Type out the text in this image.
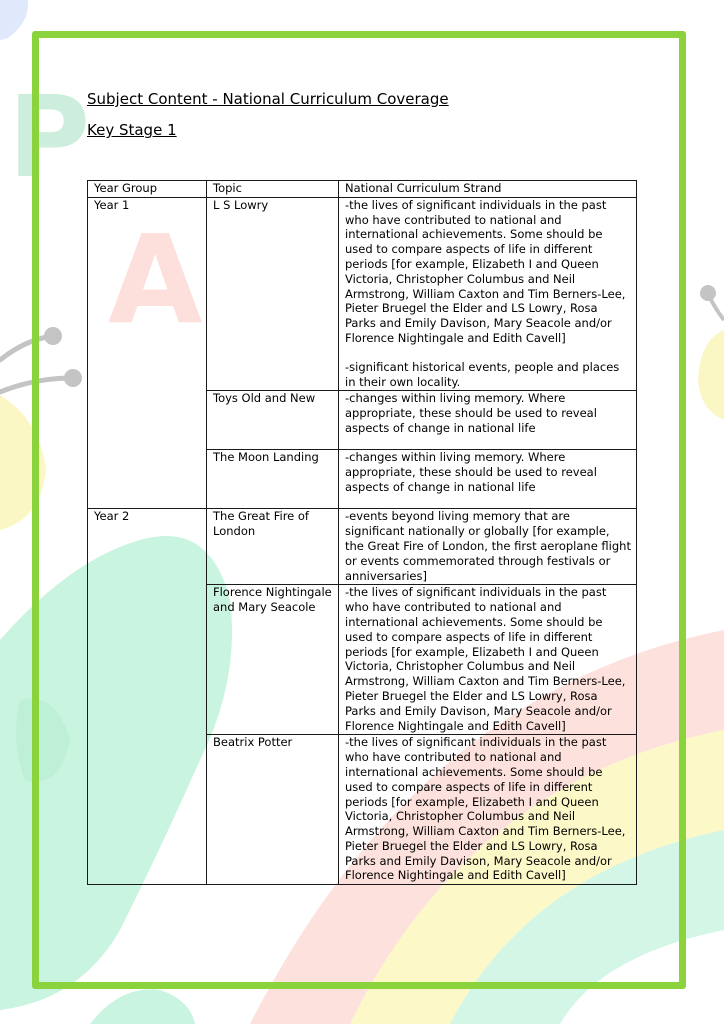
P
A
Subject Content - National Curriculum Coverage
Key Stage 1
Year Group	Topic	National Curriculum Strand
Year 1	L S Lowry	-the lives of significant individuals in the past who have contributed to national and international achievements. Some should be used to compare aspects of life in different periods [for example, Elizabeth I and Queen Victoria, Christopher Columbus and Neil Armstrong, William Caxton and Tim Berners-Lee, Pieter Bruegel the Elder and LS Lowry, Rosa Parks and Emily Davison, Mary Seacole and/or Florence Nightingale and Edith Cavell]

-significant historical events, people and places in their own locality.

	Toys Old and New	-changes within living memory. Where appropriate, these should be used to reveal aspects of change in national life

	The Moon Landing	-changes within living memory. Where appropriate, these should be used to reveal aspects of change in national life

Year 2	The Great Fire of London	-events beyond living memory that are significant nationally or globally [for example, the Great Fire of London, the first aeroplane flight or events commemorated through festivals or anniversaries]

	Florence Nightingale and Mary Seacole	-the lives of significant individuals in the past who have contributed to national and international achievements. Some should be used to compare aspects of life in different periods [for example, Elizabeth I and Queen Victoria, Christopher Columbus and Neil Armstrong, William Caxton and Tim Berners-Lee, Pieter Bruegel the Elder and LS Lowry, Rosa Parks and Emily Davison, Mary Seacole and/or Florence Nightingale and Edith Cavell]

	Beatrix Potter	-the lives of significant individuals in the past who have contributed to national and international achievements. Some should be used to compare aspects of life in different periods [for example, Elizabeth I and Queen Victoria, Christopher Columbus and Neil Armstrong, William Caxton and Tim Berners-Lee, Pieter Bruegel the Elder and LS Lowry, Rosa Parks and Emily Davison, Mary Seacole and/or Florence Nightingale and Edith Cavell]
